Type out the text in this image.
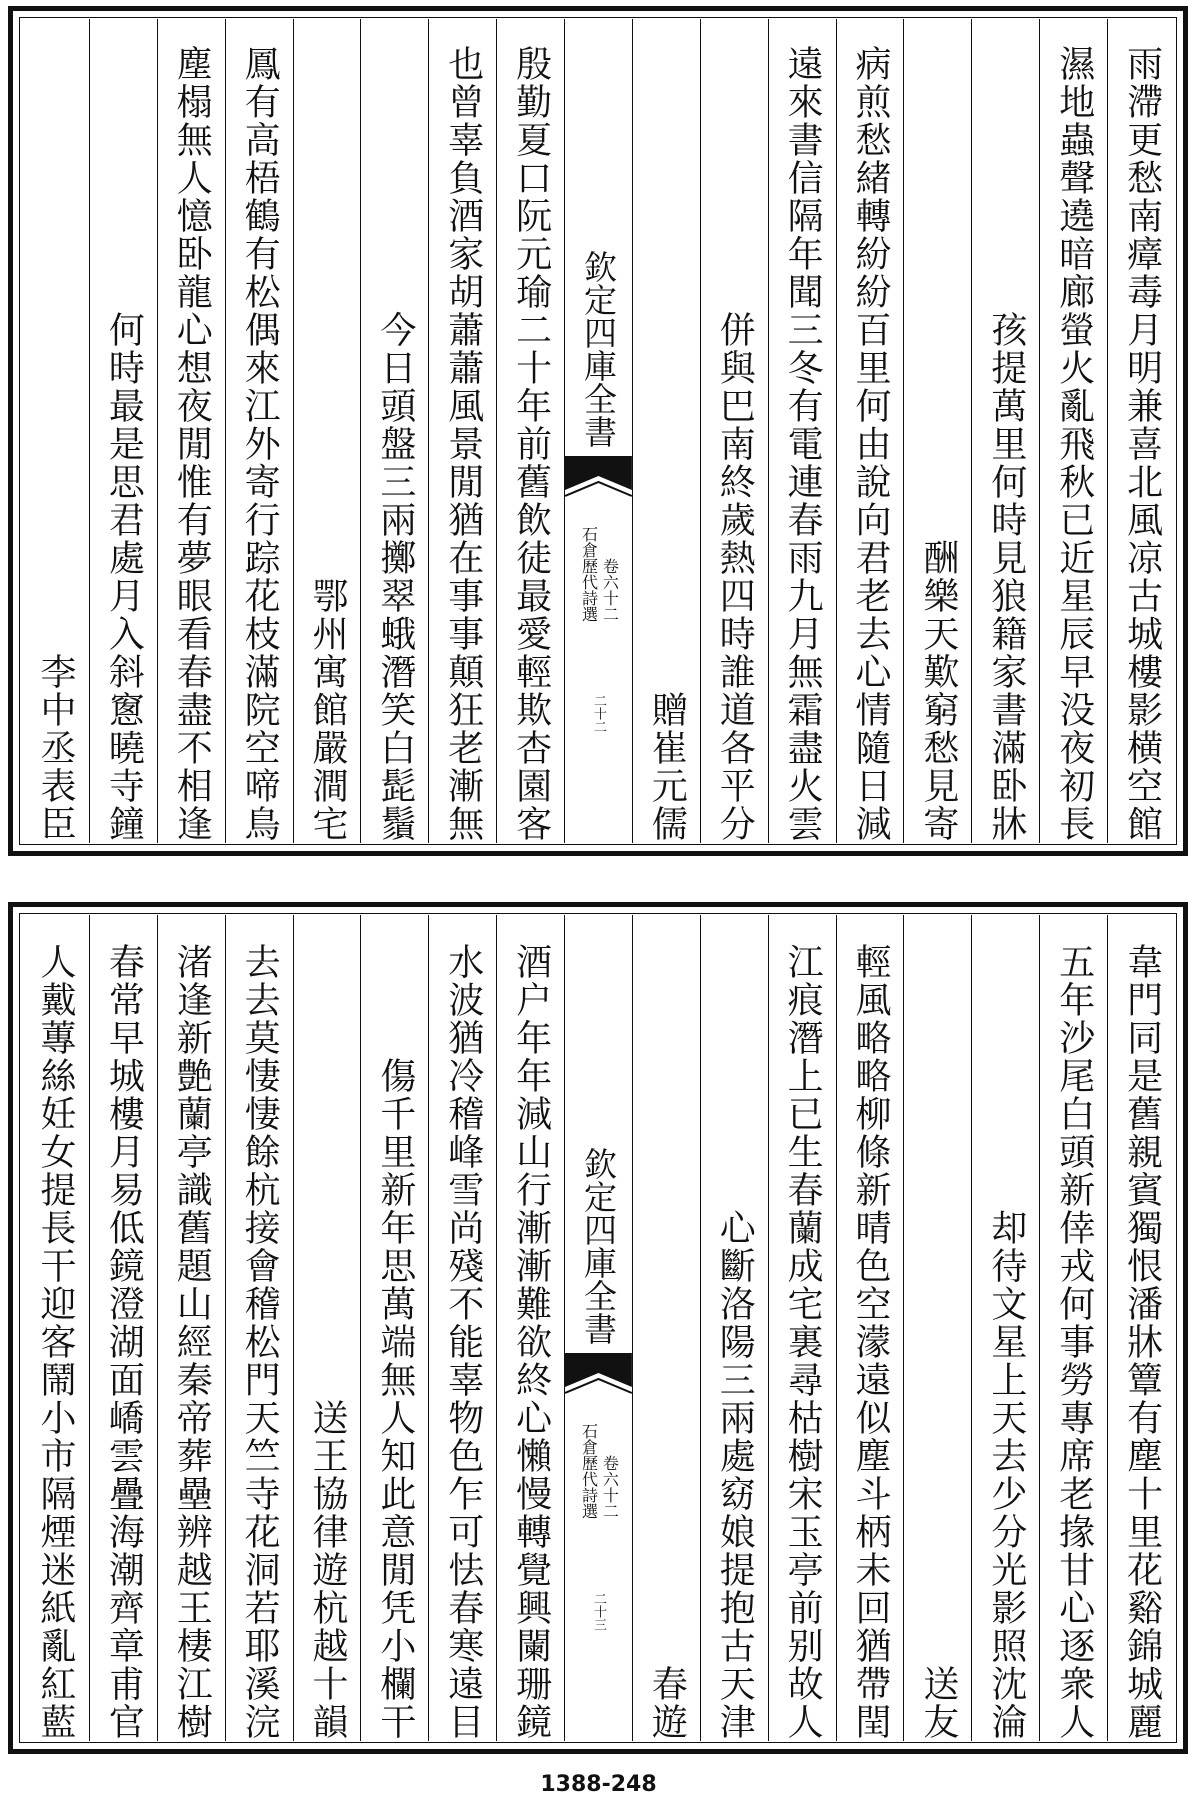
雨滯更愁南瘴毒月明兼喜北風凉古城樓影横空館
濕地蟲聲遶暗廊螢火亂飛秋已近星辰早没夜初長
孩提萬里何時見狼籍家書滿卧牀
酬樂天歎窮愁見寄
病煎愁緒轉紛紛百里何由說向君老去心情隨日減
遠來書信隔年聞三冬有電連春雨九月無霜盡火雲
併與巴南終歲熱四時誰道各平分
贈崔元儒
欽定四庫全書
石倉歷代詩選 卷六十二
二十二
殷勤夏口阮元瑜二十年前舊飲徒最愛輕欺杏園客
也曾辜負酒家胡蕭蕭風景閒猶在事事顛狂老漸無
今日頭盤三兩擲翠蛾潛笑白髭鬚
鄂州寓館嚴澗宅
鳳有高梧鶴有松偶來江外寄行踪花枝滿院空啼鳥
塵榻無人憶卧龍心想夜閒惟有夢眼看春盡不相逢
何時最是思君處月入斜窻曉寺鐘
李中丞表臣
韋門同是舊親賓獨恨潘牀簟有塵十里花谿錦城麗
五年沙尾白頭新倖戎何事勞專席老掾甘心逐衆人
却待文星上天去少分光影照沈淪
送友
輕風略略柳條新晴色空濛遠似塵斗柄未回猶帶閏
江痕潛上已生春蘭成宅裏尋枯樹宋玉亭前别故人
心斷洛陽三兩處窈娘提抱古天津
春遊
欽定四庫全書
石倉歷代詩選 卷六十二
二十三
酒户年年減山行漸漸難欲終心懶慢轉覺興闌珊鏡
水波猶冷稽峰雪尚殘不能辜物色乍可怯春寒遠目
傷千里新年思萬端無人知此意閒凭小欄干
送王協律遊杭越十韻
去去莫悽悽餘杭接會稽松門天竺寺花洞若耶溪浣
渚逢新艶蘭亭識舊題山經秦帝葬壘辨越王棲江樹
春常早城樓月易低鏡澄湖面嶠雲疊海潮齊章甫官
人戴蓴絲妊女提長干迎客鬧小市隔煙迷紙亂紅藍
1388-248
